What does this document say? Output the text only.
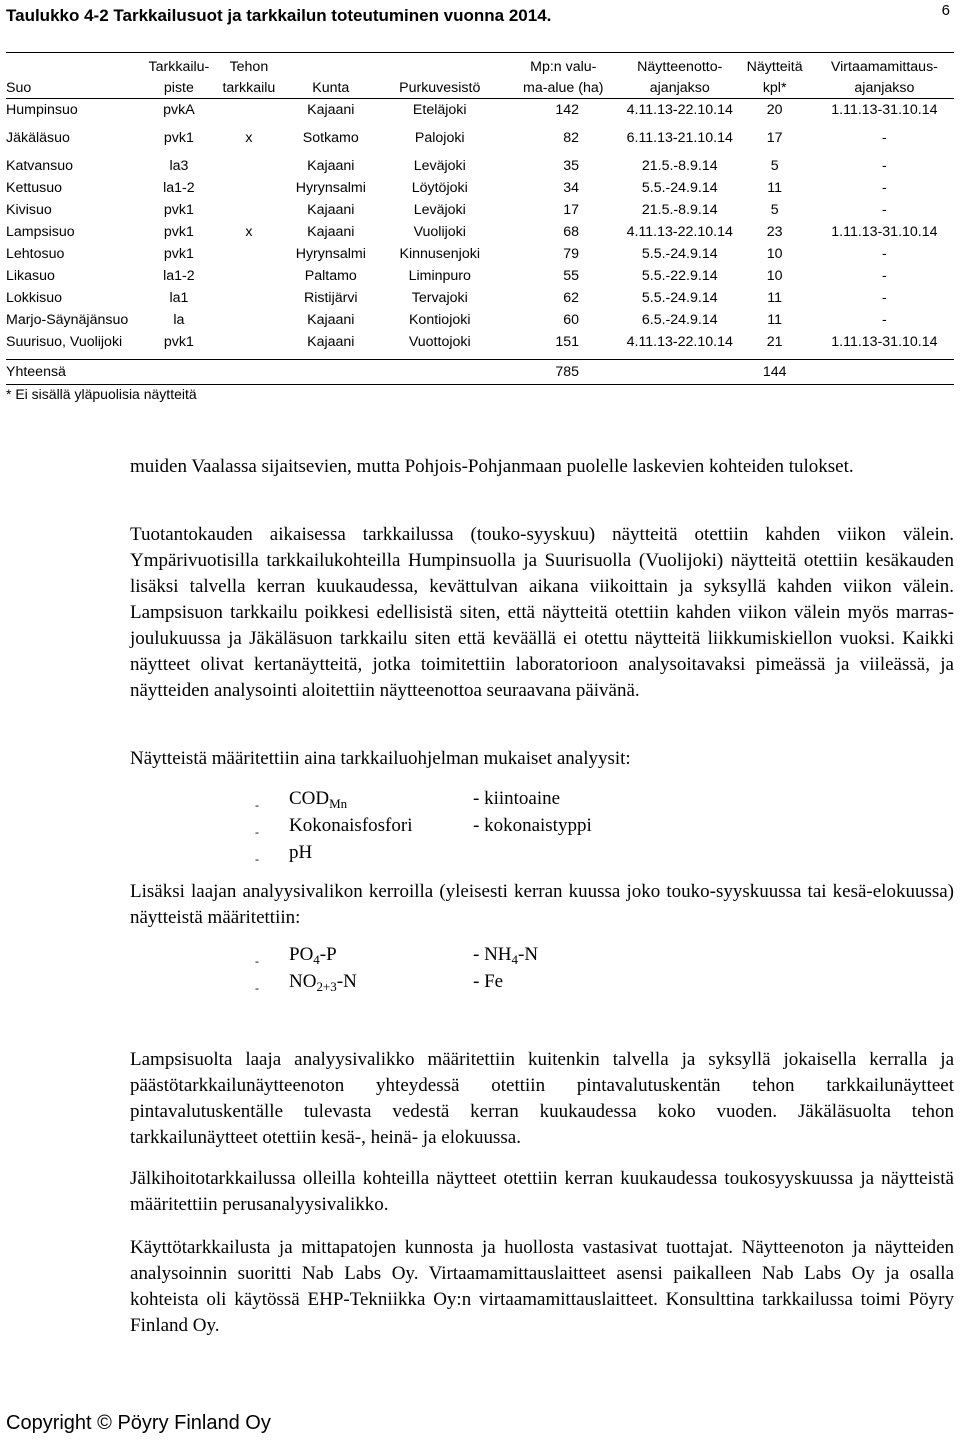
6
Taulukko 4-2 Tarkkailusuot ja tarkkailun toteutuminen vuonna 2014.
	Tarkkailu-	Tehon			Mp:n valu-	Näytteenotto-	Näytteitä	Virtaamamittaus-
Suo	piste	tarkkailu	Kunta	Purkuvesistö	ma-alue (ha)	ajanjakso	kpl*	ajanjakso
Humpinsuo	pvkA		Kajaani	Eteläjoki	142	4.11.13-22.10.14	20	1.11.13-31.10.14

Jäkäläsuo	pvk1	x	Sotkamo	Palojoki	82	6.11.13-21.10.14	17	-

Katvansuo	la3		Kajaani	Leväjoki	35	21.5.-8.9.14	5	-
Kettusuo	la1-2		Hyrynsalmi	Löytöjoki	34	5.5.-24.9.14	11	-
Kivisuo	pvk1		Kajaani	Leväjoki	17	21.5.-8.9.14	5	-
Lampsisuo	pvk1	x	Kajaani	Vuolijoki	68	4.11.13-22.10.14	23	1.11.13-31.10.14
Lehtosuo	pvk1		Hyrynsalmi	Kinnusenjoki	79	5.5.-24.9.14	10	-
Likasuo	la1-2		Paltamo	Liminpuro	55	5.5.-22.9.14	10	-
Lokkisuo	la1		Ristijärvi	Tervajoki	62	5.5.-24.9.14	11	-
Marjo-Säynäjänsuo	la		Kajaani	Kontiojoki	60	6.5.-24.9.14	11	-
Suurisuo, Vuolijoki	pvk1		Kajaani	Vuottojoki	151	4.11.13-22.10.14	21	1.11.13-31.10.14

Yhteensä					785		144	
* Ei sisällä yläpuolisia näytteitä
muiden Vaalassa sijaitsevien, mutta Pohjois-Pohjanmaan puolelle laskevien kohteiden tulokset.
Tuotantokauden aikaisessa tarkkailussa (touko-syyskuu) näytteitä otettiin kahden viikon välein. Ympärivuotisilla tarkkailukohteilla Humpinsuolla ja Suurisuolla (Vuolijoki) näytteitä otettiin kesäkauden lisäksi talvella kerran kuukaudessa, kevättulvan aikana viikoittain ja syksyllä kahden viikon välein. Lampsisuon tarkkailu poikkesi edellisistä siten, että näytteitä otettiin kahden viikon välein myös marras-joulukuussa ja Jäkäläsuon tarkkailu siten että keväällä ei otettu näytteitä liikkumiskiellon vuoksi. Kaikki näytteet olivat kertanäytteitä, jotka toimitettiin laboratorioon analysoitavaksi pimeässä ja viileässä, ja näytteiden analysointi aloitettiin näytteenottoa seuraavana päivänä.
Näytteistä määritettiin aina tarkkailuohjelman mukaiset analyysit:
-	$COD_{Mn}$	- kiintoaine
-	Kokonaisfosfori	- kokonaistyppi
-	pH
Lisäksi laajan analyysivalikon kerroilla (yleisesti kerran kuussa joko touko-syyskuussa tai kesä-elokuussa) näytteistä määritettiin:
-	$PO_4-P$	- $NH_4-N$
-	$NO_{2+3}-N$	- Fe
Lampsisuolta laaja analyysivalikko määritettiin kuitenkin talvella ja syksyllä jokaisella kerralla ja päästötarkkailunäytteenoton yhteydessä otettiin pintavalutuskentän tehon tarkkailunäytteet pintavalutuskentälle tulevasta vedestä kerran kuukaudessa koko vuoden. Jäkäläsuolta tehon tarkkailunäytteet otettiin kesä-, heinä- ja elokuussa.
Jälkihoitotarkkailussa olleilla kohteilla näytteet otettiin kerran kuukaudessa toukosyyskuussa ja näytteistä määritettiin perusanalyysivalikko.
Käyttötarkkailusta ja mittapatojen kunnosta ja huollosta vastasivat tuottajat. Näytteenoton ja näytteiden analysoinnin suoritti Nab Labs Oy. Virtaamamittauslaitteet asensi paikalleen Nab Labs Oy ja osalla kohteista oli käytössä EHP-Tekniikka Oy:n virtaamamittauslaitteet. Konsulttina tarkkailussa toimi Pöyry Finland Oy.
Copyright © Pöyry Finland Oy
